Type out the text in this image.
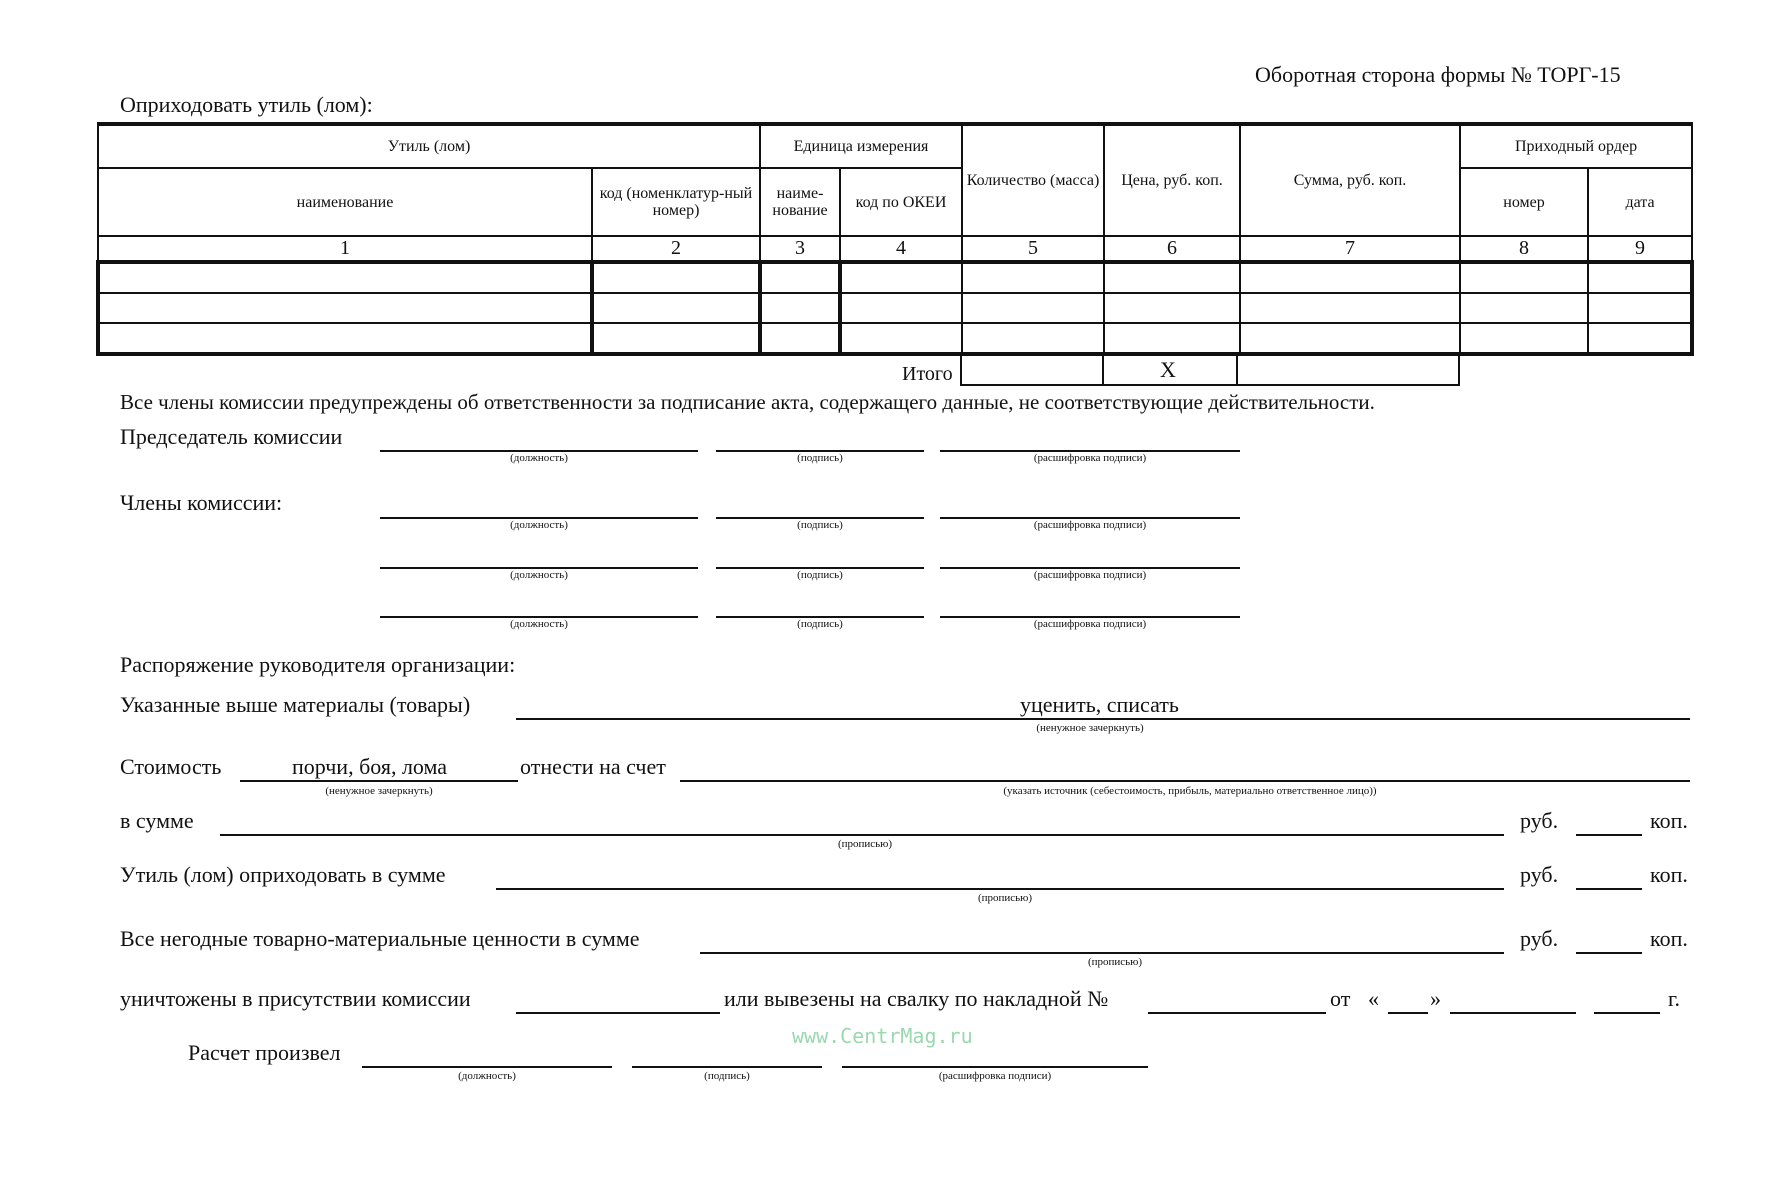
Оборотная сторона формы № ТОРГ-15
Оприходовать утиль (лом):
Утиль (лом)		Единица измерения		Количество (масса)	Цена, руб. коп.	Сумма, руб. коп.	Приходный ордер	
наименование	код (номенклатур-ный номер)	наиме-нование	код по ОКЕИ				номер	дата
1	2	3	4	5	6	7	8	9

Итого	X
Все члены комиссии предупреждены об ответственности за подписание акта, содержащего данные, не соответствующие действительности.
Председатель комиссии
(должность)	(подпись)	(расшифровка подписи)
Члены комиссии:
(должность)	(подпись)	(расшифровка подписи)
(должность)	(подпись)	(расшифровка подписи)
(должность)	(подпись)	(расшифровка подписи)
Распоряжение руководителя организации:
Указанные выше материалы (товары)	уценить, списать
(ненужное зачеркнуть)
Стоимость	порчи, боя, лома
(ненужное зачеркнуть)
отнести на счет
(указать источник (себестоимость, прибыль, материально ответственное лицо))
в сумме
(прописью)
руб.	коп.
Утиль (лом) оприходовать в сумме
(прописью)
руб.	коп.
Все негодные товарно-материальные ценности в сумме
(прописью)
руб.	коп.
уничтожены в присутствии комиссии	или вывезены на свалку по накладной №	от « »	г.
www.CentrMag.ru
Расчет произвел
(должность)	(подпись)	(расшифровка подписи)
